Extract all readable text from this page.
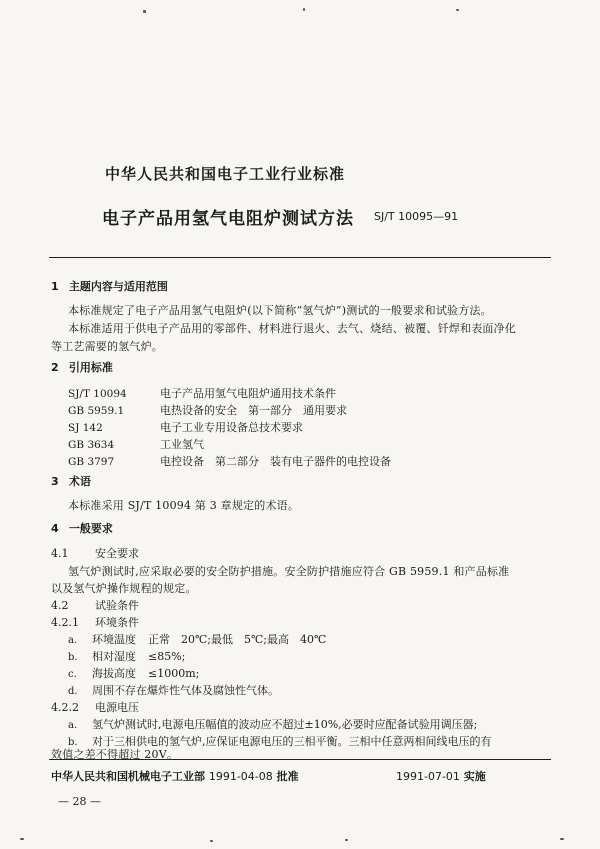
中华人民共和国电子工业行业标准
电子产品用氢气电阻炉测试方法 SJ/T 10095—91
1 主题内容与适用范围
本标准规定了电子产品用氢气电阻炉(以下简称“氢气炉”)测试的一般要求和试验方法。
本标准适用于供电子产品用的零部件、材料进行退火、去气、烧结、被覆、钎焊和表面净化
等工艺需要的氢气炉。
2 引用标准
SJ/T 10094	电子产品用氢气电阻炉通用技术条件
GB 5959.1	电热设备的安全　第一部分　通用要求
SJ 142	电子工业专用设备总技术要求
GB 3634	工业氢气
GB 3797	电控设备　第二部分　装有电子器件的电控设备
3 术语
本标准采用 SJ/T 10094 第 3 章规定的术语。
4 一般要求
4.1 安全要求
氢气炉测试时,应采取必要的安全防护措施。安全防护措施应符合 GB 5959.1 和产品标准
以及氢气炉操作规程的规定。
4.2 试验条件
4.2.1 环境条件
a. 环境温度 正常　20℃;最低　5℃;最高　40℃
b. 相对湿度 ≤85%;
c. 海拔高度 ≤1000m;
d. 周围不存在爆炸性气体及腐蚀性气体。
4.2.2 电源电压
a. 氢气炉测试时,电源电压幅值的波动应不超过±10%,必要时应配备试验用调压器;
b. 对于三相供电的氢气炉,应保证电源电压的三相平衡。三相中任意两相间线电压的有
效值之差不得超过 20V。
中华人民共和国机械电子工业部 1991-04-08 批准	1991-07-01 实施
— 28 —
